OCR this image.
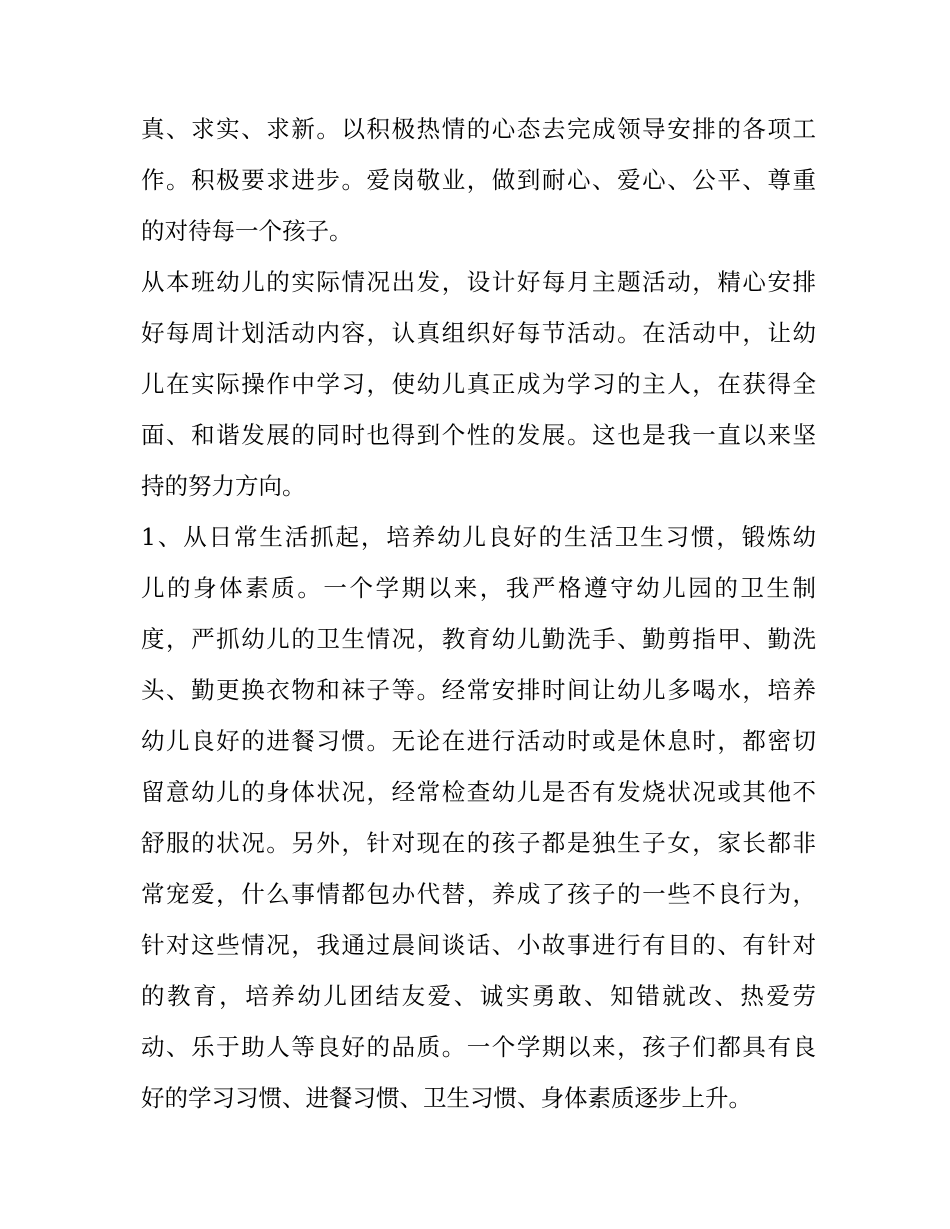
真、求实、求新。以积极热情的心态去完成领导安排的各项工
作。积极要求进步。爱岗敬业，做到耐心、爱心、公平、尊重
的对待每一个孩子。
从本班幼儿的实际情况出发，设计好每月主题活动，精心安排
好每周计划活动内容，认真组织好每节活动。在活动中，让幼
儿在实际操作中学习，使幼儿真正成为学习的主人，在获得全
面、和谐发展的同时也得到个性的发展。这也是我一直以来坚
持的努力方向。
1、从日常生活抓起，培养幼儿良好的生活卫生习惯，锻炼幼
儿的身体素质。一个学期以来，我严格遵守幼儿园的卫生制
度，严抓幼儿的卫生情况，教育幼儿勤洗手、勤剪指甲、勤洗
头、勤更换衣物和袜子等。经常安排时间让幼儿多喝水，培养
幼儿良好的进餐习惯。无论在进行活动时或是休息时，都密切
留意幼儿的身体状况，经常检查幼儿是否有发烧状况或其他不
舒服的状况。另外，针对现在的孩子都是独生子女，家长都非
常宠爱，什么事情都包办代替，养成了孩子的一些不良行为，
针对这些情况，我通过晨间谈话、小故事进行有目的、有针对
的教育，培养幼儿团结友爱、诚实勇敢、知错就改、热爱劳
动、乐于助人等良好的品质。一个学期以来，孩子们都具有良
好的学习习惯、进餐习惯、卫生习惯、身体素质逐步上升。
